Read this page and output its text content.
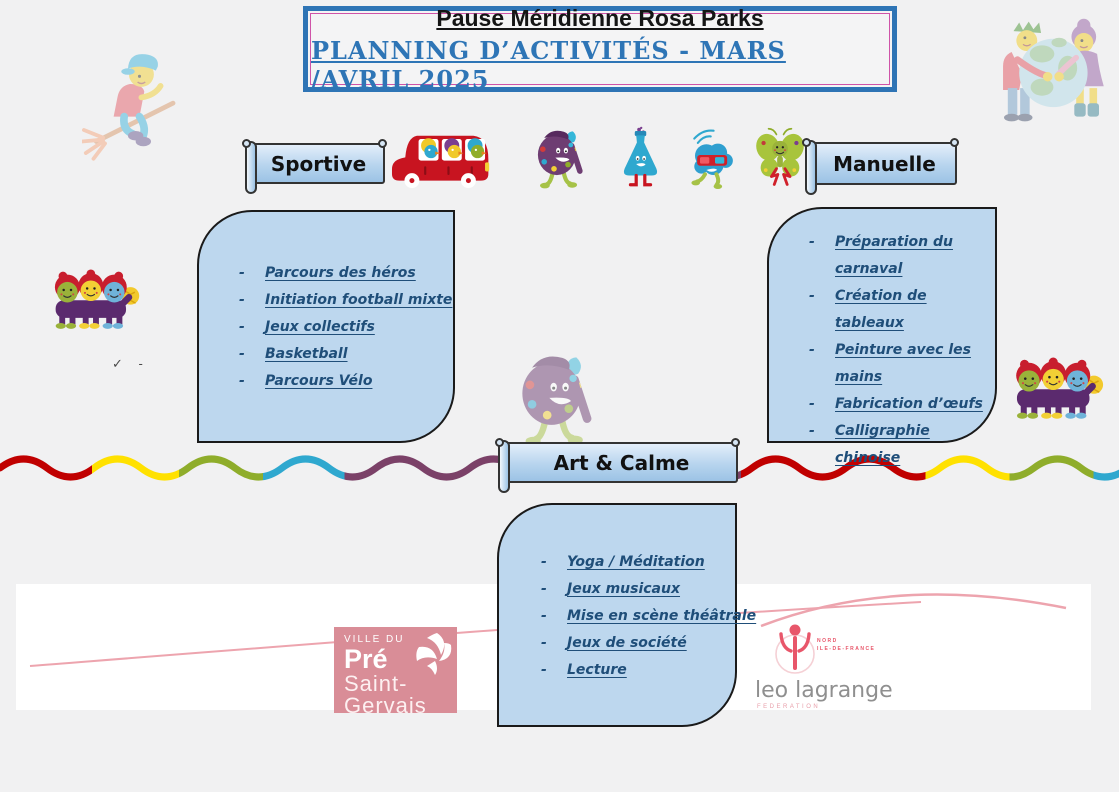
Pause Méridienne Rosa Parks
PLANNING D’ACTIVITÉS - MARS /AVRIL 2025
Sportive	Manuelle
Art & Calme
✓ -
- Parcours des héros
- Initiation football mixte
- Jeux collectifs
- Basketball
- Parcours Vélo
- Préparation du carnaval
- Création de tableaux
- Peinture avec les mains
- Fabrication d’œufs
- Calligraphie chinoise
- Yoga / Méditation
- Jeux musicaux
- Mise en scène théâtrale
- Jeux de société
- Lecture
VILLE DU
Pré
Saint-
Gervais
NORD
ILE-DE-FRANCE
leo lagrange
FEDERATION
